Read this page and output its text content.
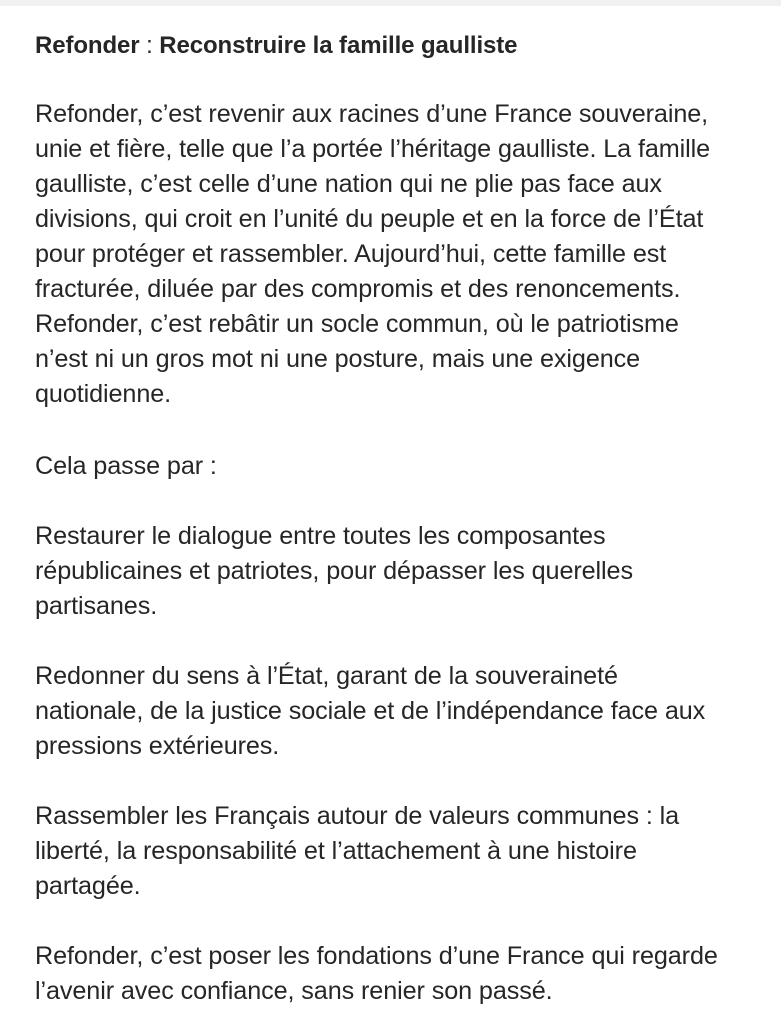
Refonder : Reconstruire la famille gaulliste

Refonder, c’est revenir aux racines d’une France souveraine,
unie et fière, telle que l’a portée l’héritage gaulliste. La famille
gaulliste, c’est celle d’une nation qui ne plie pas face aux
divisions, qui croit en l’unité du peuple et en la force de l’État
pour protéger et rassembler. Aujourd’hui, cette famille est
fracturée, diluée par des compromis et des renoncements.
Refonder, c’est rebâtir un socle commun, où le patriotisme
n’est ni un gros mot ni une posture, mais une exigence
quotidienne.

Cela passe par :

Restaurer le dialogue entre toutes les composantes
républicaines et patriotes, pour dépasser les querelles
partisanes.

Redonner du sens à l’État, garant de la souveraineté
nationale, de la justice sociale et de l’indépendance face aux
pressions extérieures.

Rassembler les Français autour de valeurs communes : la
liberté, la responsabilité et l’attachement à une histoire
partagée.

Refonder, c’est poser les fondations d’une France qui regarde
l’avenir avec confiance, sans renier son passé.
